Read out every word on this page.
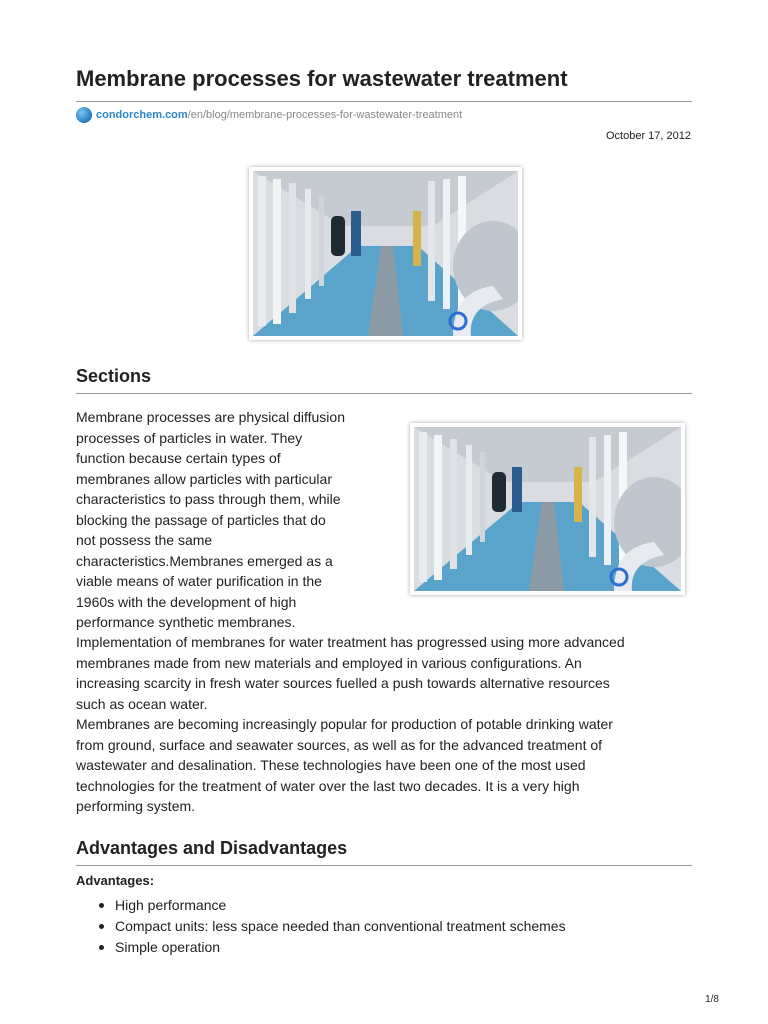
Membrane processes for wastewater treatment
condorchem.com /en/blog/membrane-processes-for-wastewater-treatment
October 17, 2012
Sections
Membrane processes are physical diffusion
processes of particles in water. They
function because certain types of
membranes allow particles with particular
characteristics to pass through them, while
blocking the passage of particles that do
not possess the same
characteristics.Membranes emerged as a
viable means of water purification in the
1960s with the development of high
performance synthetic membranes.
Implementation of membranes for water treatment has progressed using more advanced
membranes made from new materials and employed in various configurations. An
increasing scarcity in fresh water sources fuelled a push towards alternative resources
such as ocean water.
Membranes are becoming increasingly popular for production of potable drinking water
from ground, surface and seawater sources, as well as for the advanced treatment of
wastewater and desalination. These technologies have been one of the most used
technologies for the treatment of water over the last two decades. It is a very high
performing system.
Advantages and Disadvantages
Advantages:
High performance
Compact units: less space needed than conventional treatment schemes
Simple operation
1/8
